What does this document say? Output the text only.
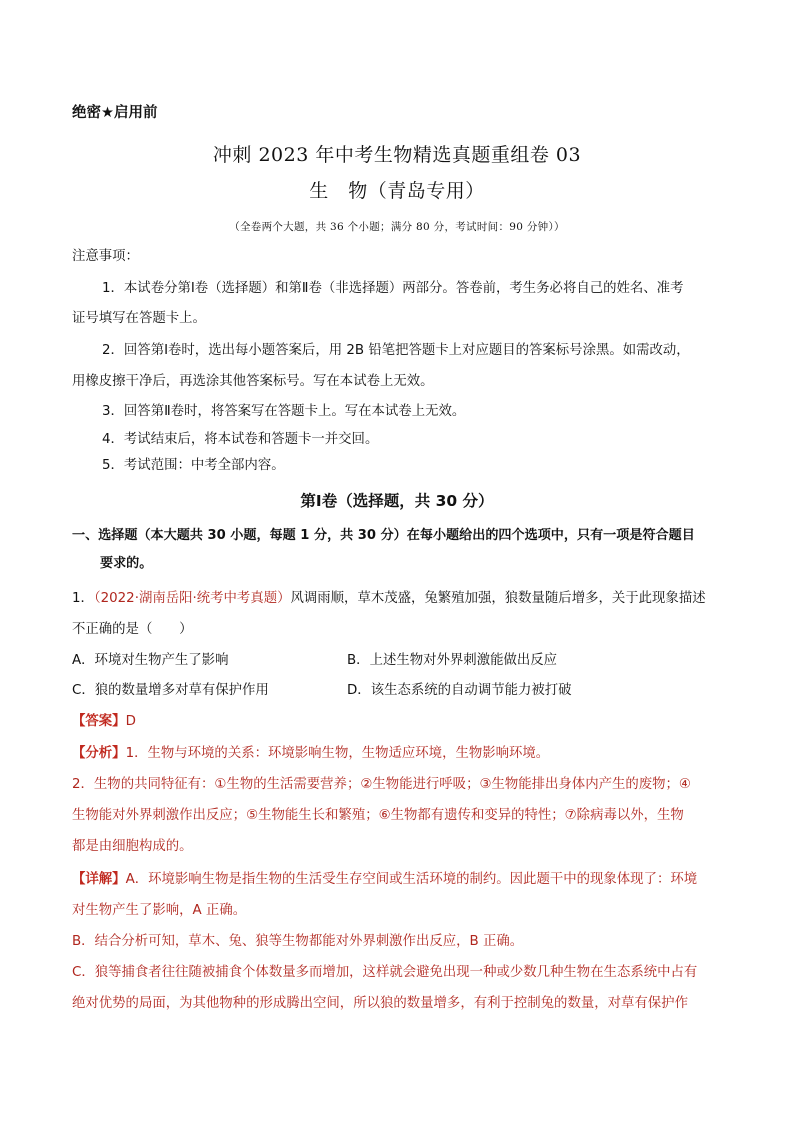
绝密★启用前
冲刺 2023 年中考生物精选真题重组卷 03
生　物（青岛专用）
（全卷两个大题，共 36 个小题；满分 80 分，考试时间：90 分钟））
注意事项：
1．本试卷分第Ⅰ卷（选择题）和第Ⅱ卷（非选择题）两部分。答卷前，考生务必将自己的姓名、准考
证号填写在答题卡上。
2．回答第Ⅰ卷时，选出每小题答案后，用 2B 铅笔把答题卡上对应题目的答案标号涂黑。如需改动，
用橡皮擦干净后，再选涂其他答案标号。写在本试卷上无效。
3．回答第Ⅱ卷时，将答案写在答题卡上。写在本试卷上无效。
4．考试结束后，将本试卷和答题卡一并交回。
5．考试范围：中考全部内容。
第Ⅰ卷（选择题，共 30 分）
一、选择题（本大题共 30 小题，每题 1 分，共 30 分）在每小题给出的四个选项中，只有一项是符合题目
要求的。
1．（2022·湖南岳阳·统考中考真题）风调雨顺，草木茂盛，兔繁殖加强，狼数量随后增多，关于此现象描述
不正确的是（　　）
A．环境对生物产生了影响	B．上述生物对外界刺激能做出反应
C．狼的数量增多对草有保护作用	D．该生态系统的自动调节能力被打破
【答案】D
【分析】1．生物与环境的关系：环境影响生物，生物适应环境，生物影响环境。
2．生物的共同特征有：①生物的生活需要营养；②生物能进行呼吸；③生物能排出身体内产生的废物；④
生物能对外界刺激作出反应；⑤生物能生长和繁殖；⑥生物都有遗传和变异的特性；⑦除病毒以外，生物
都是由细胞构成的。
【详解】A．环境影响生物是指生物的生活受生存空间或生活环境的制约。因此题干中的现象体现了：环境
对生物产生了影响，A 正确。
B．结合分析可知，草木、兔、狼等生物都能对外界刺激作出反应，B 正确。
C．狼等捕食者往往随被捕食个体数量多而增加，这样就会避免出现一种或少数几种生物在生态系统中占有
绝对优势的局面，为其他物种的形成腾出空间，所以狼的数量增多，有利于控制兔的数量，对草有保护作
